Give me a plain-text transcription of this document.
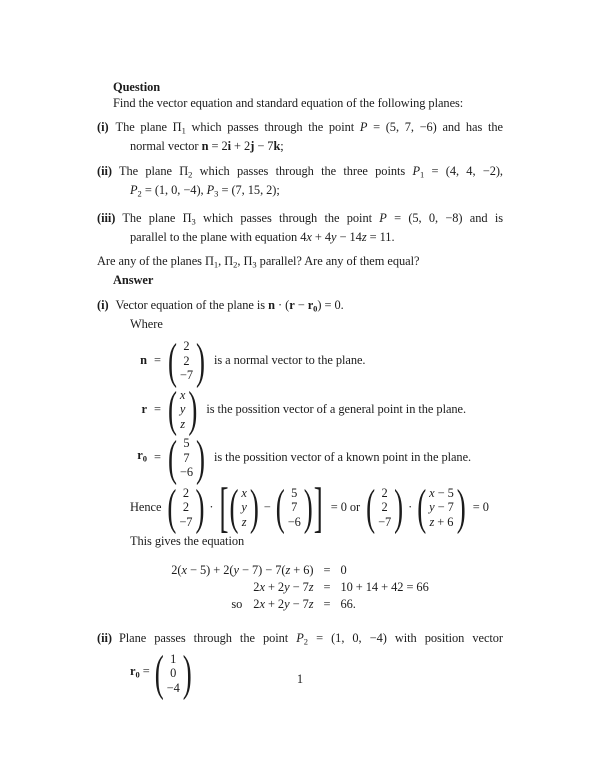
Question
Find the vector equation and standard equation of the following planes:
(i) The plane $\Pi_1$ which passes through the point P = (5, 7, −6) and has the
normal vector n = 2i + 2j − 7k;
(ii) The plane $\Pi_2$ which passes through the three points $P_1 = (4$, 4, −2),
$P_2 = (1$, 0, −4), $P_3 = (7$, 15, 2);
(iii) The plane $\Pi_3$ which passes through the point P = (5, 0, −8) and is
parallel to the plane with equation 4x + 4y − 14z = 11.
Are any of the planes $\Pi_1$, $\Pi_2$, $\Pi_3$ parallel? Are any of them equal?
Answer
(i) Vector equation of the plane is $n \cdot (r - r_0) = 0$.
Where
n = ( 2
2
−7 ) is a normal vector to the plane.
r = ( x
y
z ) is the possition vector of a general point in the plane.
$r_0$ = ( 5
7
−6 ) is the possition vector of a known point in the plane.
Hence ( 2
2
−7 ) · [ ( x
y
z ) − ( 5
7
−6 ) ] = 0 or ( 2
2
−7 ) · ( x − 5
y − 7
z + 6 ) = 0
This gives the equation
2(x − 5) + 2(y − 7) − 7(z + 6) = 0
2x + 2y − 7z = 10 + 14 + 42 = 66
so 2x + 2y − 7z = 66.
(ii) Plane passes through the point $P_2 = (1$, 0, −4) with position vector
$r_0$ = ( 1
0
−4 )	1
